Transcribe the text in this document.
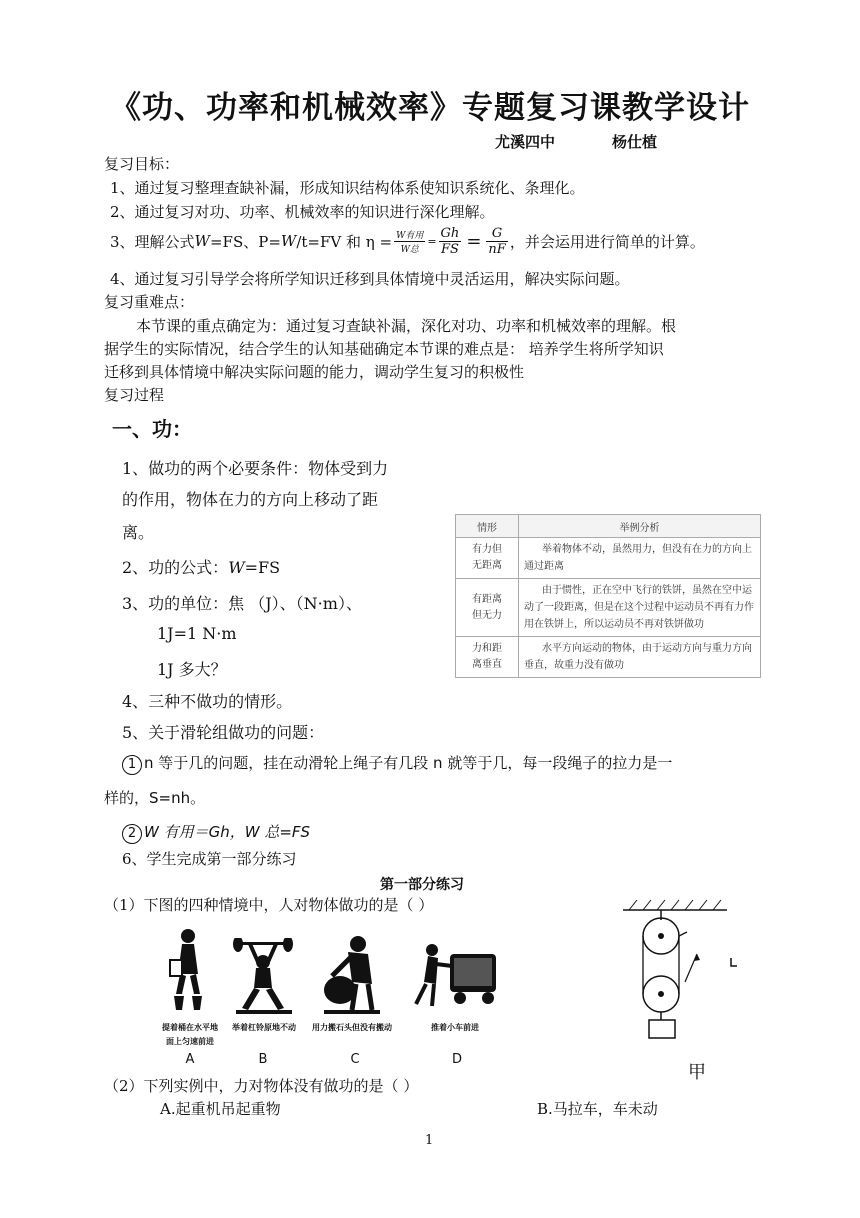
《功、功率和机械效率》专题复习课教学设计
尤溪四中	杨仕植
复习目标：
1、通过复习整理查缺补漏，形成知识结构体系使知识系统化、条理化。
2、通过复习对功、功率、机械效率的知识进行深化理解。
3、理解公式 W =FS、P= W /t=FV 和 $\eta = \frac{\text{W有用}}{\text{W总}} = \frac{Gh}{FS} = \frac{G}{nF}$ ，并会运用进行简单的计算。
4、通过复习引导学会将所学知识迁移到具体情境中灵活运用，解决实际问题。
复习重难点：
本节课的重点确定为：通过复习查缺补漏，深化对功、功率和机械效率的理解。根
据学生的实际情况，结合学生的认知基础确定本节课的难点是： 培养学生将所学知识
迁移到具体情境中解决实际问题的能力，调动学生复习的积极性
复习过程
一、功：
1、做功的两个必要条件：物体受到力
的作用，物体在力的方向上移动了距
离。
2、功的公式：W=FS
3、功的单位：焦 （J）、（N·m）、
1J=1 N·m
1J 多大？
4、三种不做功的情形。
5、关于滑轮组做功的问题：
1 n 等于几的问题，挂在动滑轮上绳子有几段 n 就等于几，每一段绳子的拉力是一
样的，S=nh。
2 W 有用＝Gh，W 总=FS
6、学生完成第一部分练习
情形	举例分析
有力但
无距离	举着物体不动，虽然用力，但没有在力的方向上通过距离
有距离
但无力	由于惯性，正在空中飞行的铁饼，虽然在空中运动了一段距离，但是在这个过程中运动员不再有力作用在铁饼上，所以运动员不再对铁饼做功
力和距
离垂直	水平方向运动的物体，由于运动方向与重力方向垂直，故重力没有做功
第一部分练习
（1）下图的四种情境中，人对物体做功的是（ ）
提着桶在水平地
面上匀速前进
举着杠铃原地不动	用力搬石头但没有搬动	推着小车前进
A	B	C	D
甲
（2）下列实例中，力对物体没有做功的是（ ）
A.起重机吊起重物	B.马拉车，车未动
1
